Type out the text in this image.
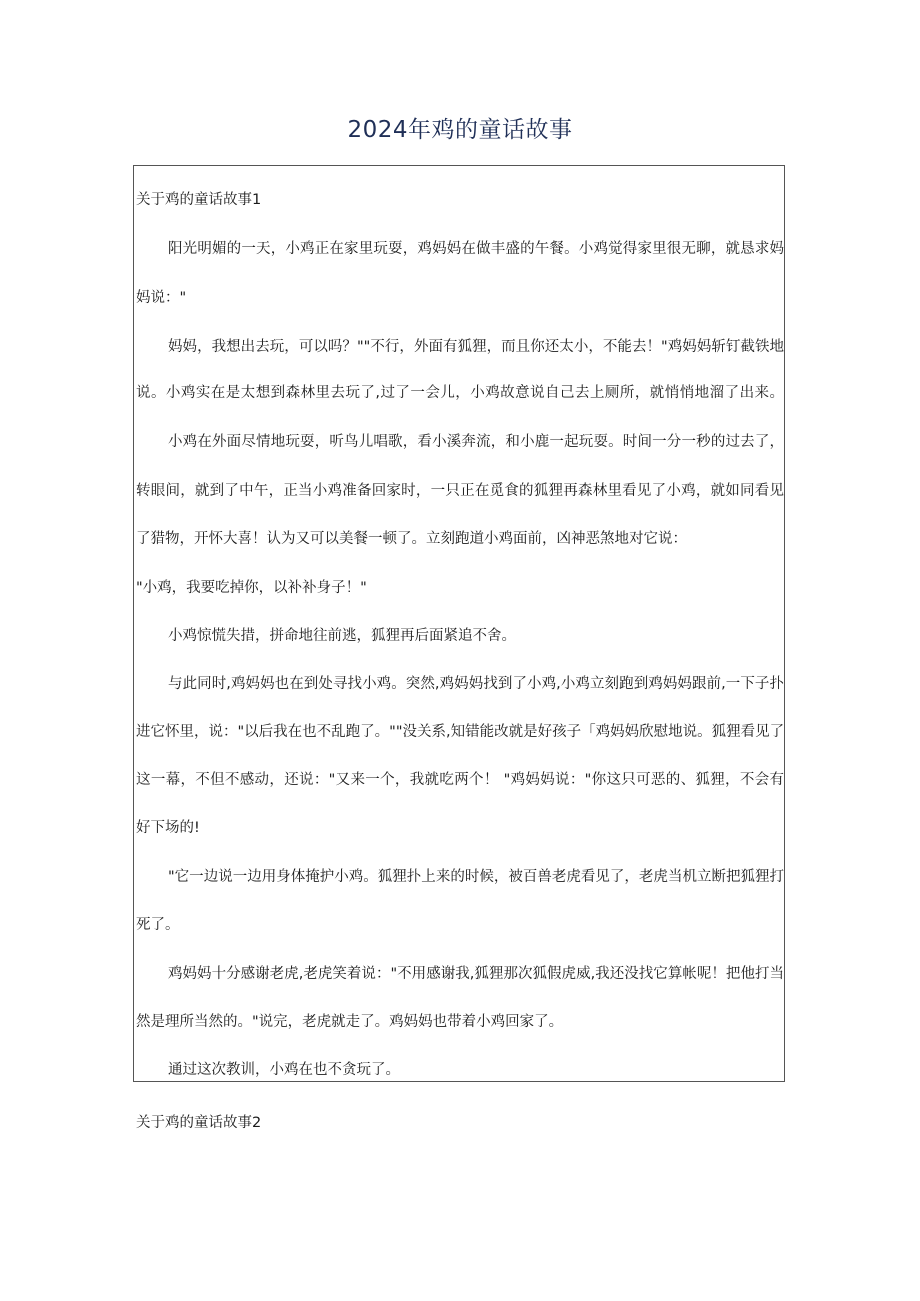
2024年鸡的童话故事
关于鸡的童话故事1
阳光明媚的一天，小鸡正在家里玩耍，鸡妈妈在做丰盛的午餐。小鸡觉得家里很无聊，就恳求妈
妈说："
妈妈，我想出去玩，可以吗？""不行，外面有狐狸，而且你还太小，不能去！"鸡妈妈斩钉截铁地
说。小鸡实在是太想到森林里去玩了,过了一会儿，小鸡故意说自己去上厕所，就悄悄地溜了出来。
小鸡在外面尽情地玩耍，听鸟儿唱歌，看小溪奔流，和小鹿一起玩耍。时间一分一秒的过去了，
转眼间，就到了中午，正当小鸡准备回家时，一只正在觅食的狐狸再森林里看见了小鸡，就如同看见
了猎物，开怀大喜！认为又可以美餐一顿了。立刻跑道小鸡面前，凶神恶煞地对它说：
"小鸡，我要吃掉你，以补补身子！"
小鸡惊慌失措，拼命地往前逃，狐狸再后面紧追不舍。
与此同时,鸡妈妈也在到处寻找小鸡。突然,鸡妈妈找到了小鸡,小鸡立刻跑到鸡妈妈跟前,一下子扑
进它怀里，说："以后我在也不乱跑了。""没关系,知错能改就是好孩子「鸡妈妈欣慰地说。狐狸看见了
这一幕，不但不感动，还说："又来一个，我就吃两个！ "鸡妈妈说："你这只可恶的、狐狸，不会有
好下场的!
"它一边说一边用身体掩护小鸡。狐狸扑上来的时候，被百兽老虎看见了，老虎当机立断把狐狸打
死了。
鸡妈妈十分感谢老虎,老虎笑着说："不用感谢我,狐狸那次狐假虎威,我还没找它算帐呢！把他打当
然是理所当然的。"说完，老虎就走了。鸡妈妈也带着小鸡回家了。
通过这次教训，小鸡在也不贪玩了。
关于鸡的童话故事2
